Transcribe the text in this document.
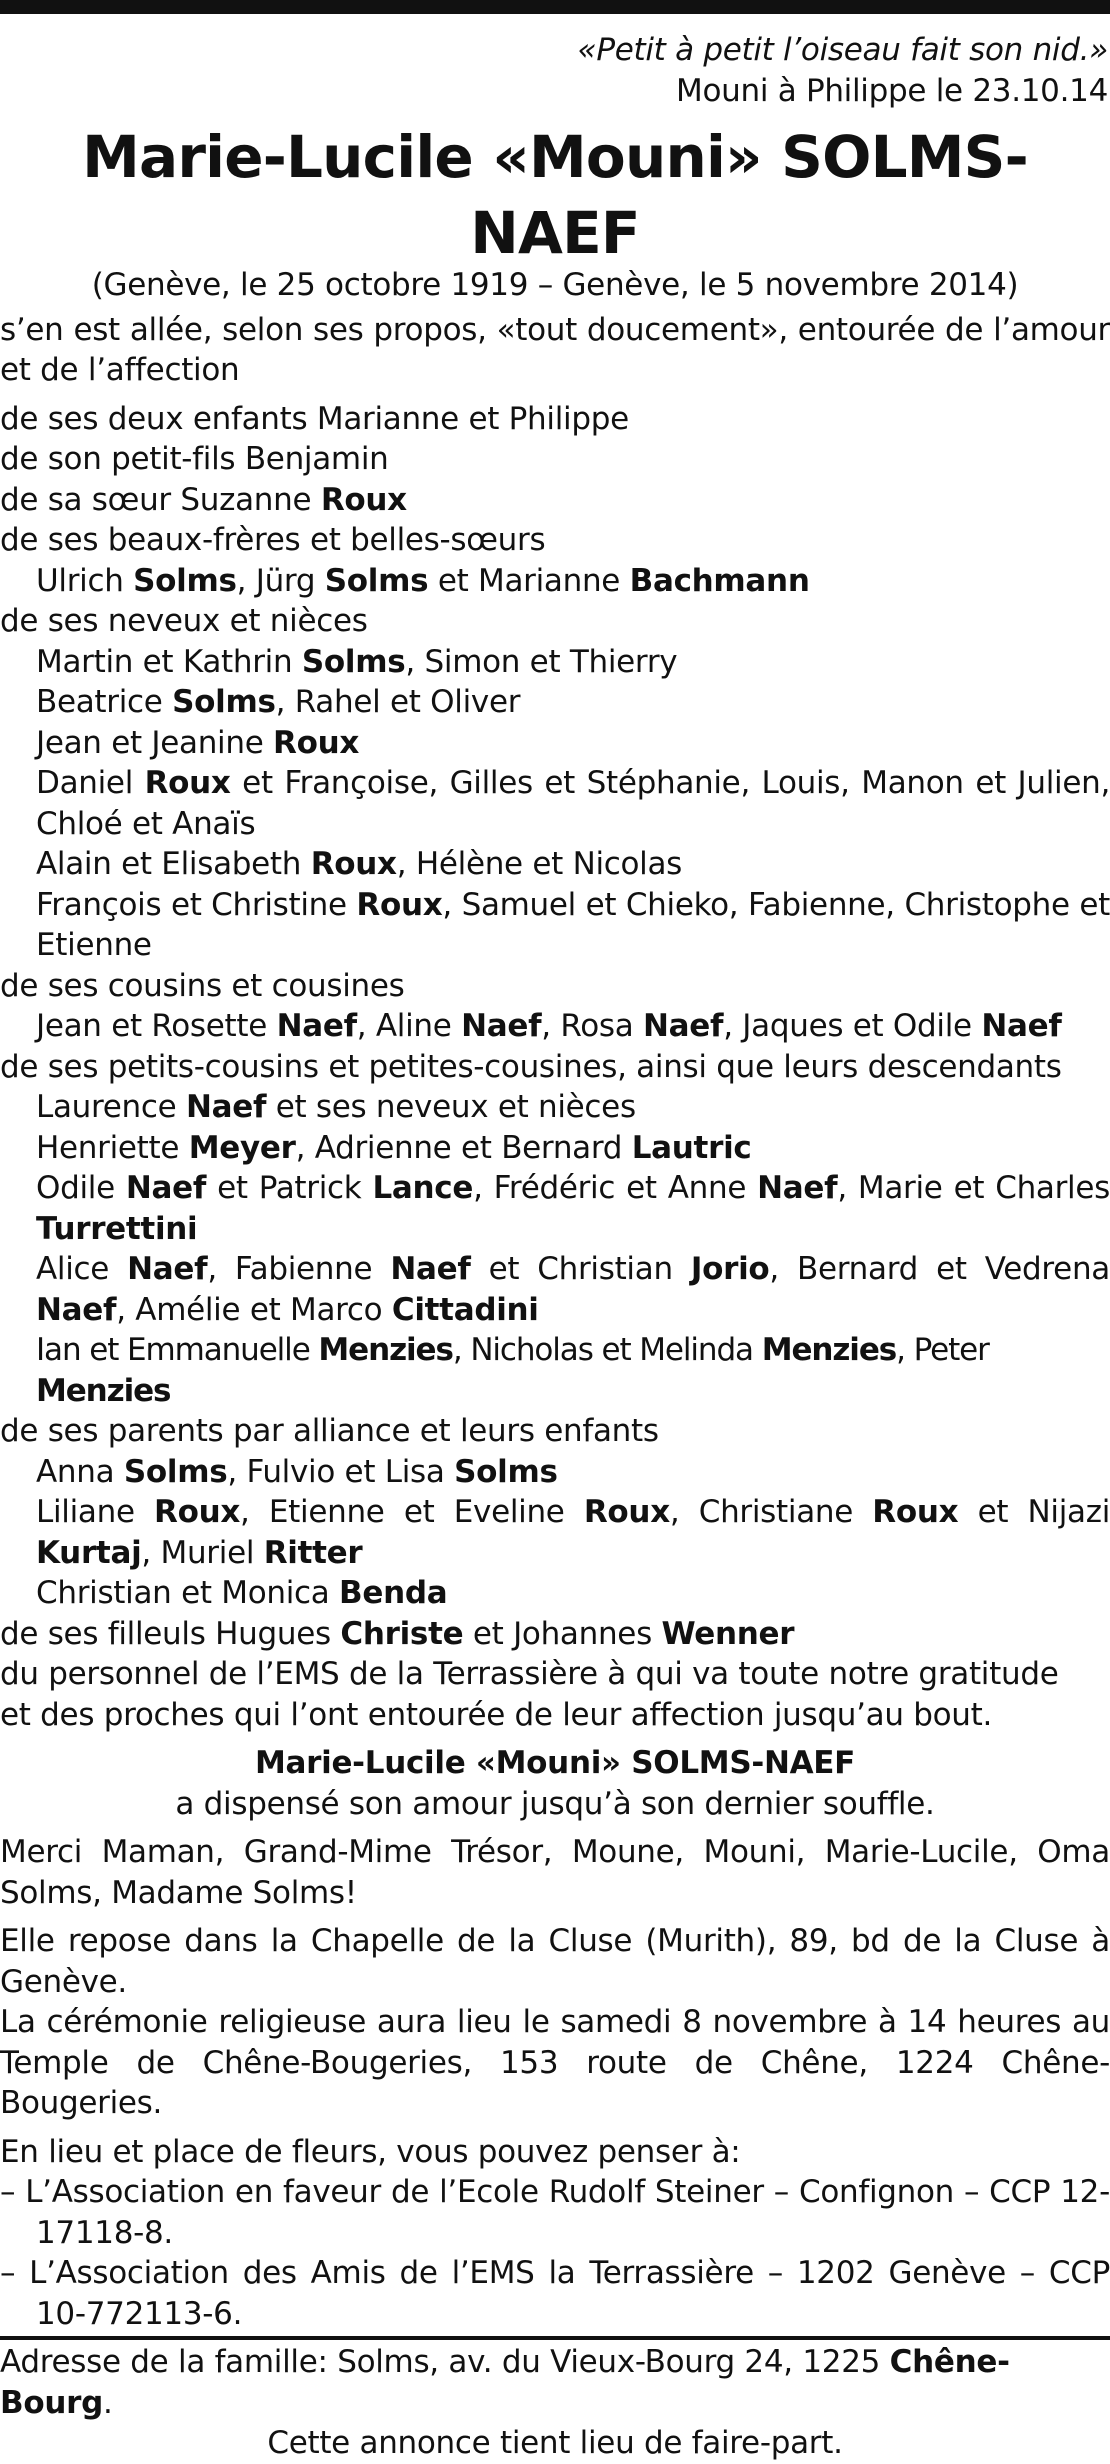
«Petit à petit l’oiseau fait son nid.»
Mouni à Philippe le 23.10.14
Marie-Lucile «Mouni» SOLMS-NAEF
(Genève, le 25 octobre 1919 – Genève, le 5 novembre 2014)
s’en est allée, selon ses propos, «tout doucement», entourée de l’amour et de l’affection
de ses deux enfants Marianne et Philippe
de son petit-fils Benjamin
de sa sœur Suzanne Roux
de ses beaux-frères et belles-sœurs
Ulrich Solms, Jürg Solms et Marianne Bachmann
de ses neveux et nièces
Martin et Kathrin Solms, Simon et Thierry
Beatrice Solms, Rahel et Oliver
Jean et Jeanine Roux
Daniel Roux et Françoise, Gilles et Stéphanie, Louis, Manon et Julien, Chloé et Anaïs
Alain et Elisabeth Roux, Hélène et Nicolas
François et Christine Roux, Samuel et Chieko, Fabienne, Christophe et Etienne
de ses cousins et cousines
Jean et Rosette Naef, Aline Naef, Rosa Naef, Jaques et Odile Naef
de ses petits-cousins et petites-cousines, ainsi que leurs descendants
Laurence Naef et ses neveux et nièces
Henriette Meyer, Adrienne et Bernard Lautric
Odile Naef et Patrick Lance, Frédéric et Anne Naef, Marie et Charles Turrettini
Alice Naef, Fabienne Naef et Christian Jorio, Bernard et Vedrena Naef, Amélie et Marco Cittadini
Ian et Emmanuelle Menzies, Nicholas et Melinda Menzies, Peter Menzies
de ses parents par alliance et leurs enfants
Anna Solms, Fulvio et Lisa Solms
Liliane Roux, Etienne et Eveline Roux, Christiane Roux et Nijazi Kurtaj, Muriel Ritter
Christian et Monica Benda
de ses filleuls Hugues Christe et Johannes Wenner
du personnel de l’EMS de la Terrassière à qui va toute notre gratitude
et des proches qui l’ont entourée de leur affection jusqu’au bout.
Marie-Lucile «Mouni» SOLMS-NAEF
a dispensé son amour jusqu’à son dernier souffle.
Merci Maman, Grand-Mime Trésor, Moune, Mouni, Marie-Lucile, Oma Solms, Madame Solms!
Elle repose dans la Chapelle de la Cluse (Murith), 89, bd de la Cluse à Genève.
La cérémonie religieuse aura lieu le samedi 8 novembre à 14 heures au Temple de Chêne-Bougeries, 153 route de Chêne, 1224 Chêne-Bougeries.
En lieu et place de fleurs, vous pouvez penser à:
– L’Association en faveur de l’Ecole Rudolf Steiner – Confignon – CCP 12-17118-8.
– L’Association des Amis de l’EMS la Terrassière – 1202 Genève – CCP 10-772113-6.
Adresse de la famille: Solms, av. du Vieux-Bourg 24, 1225 Chêne-Bourg.
Cette annonce tient lieu de faire-part.
